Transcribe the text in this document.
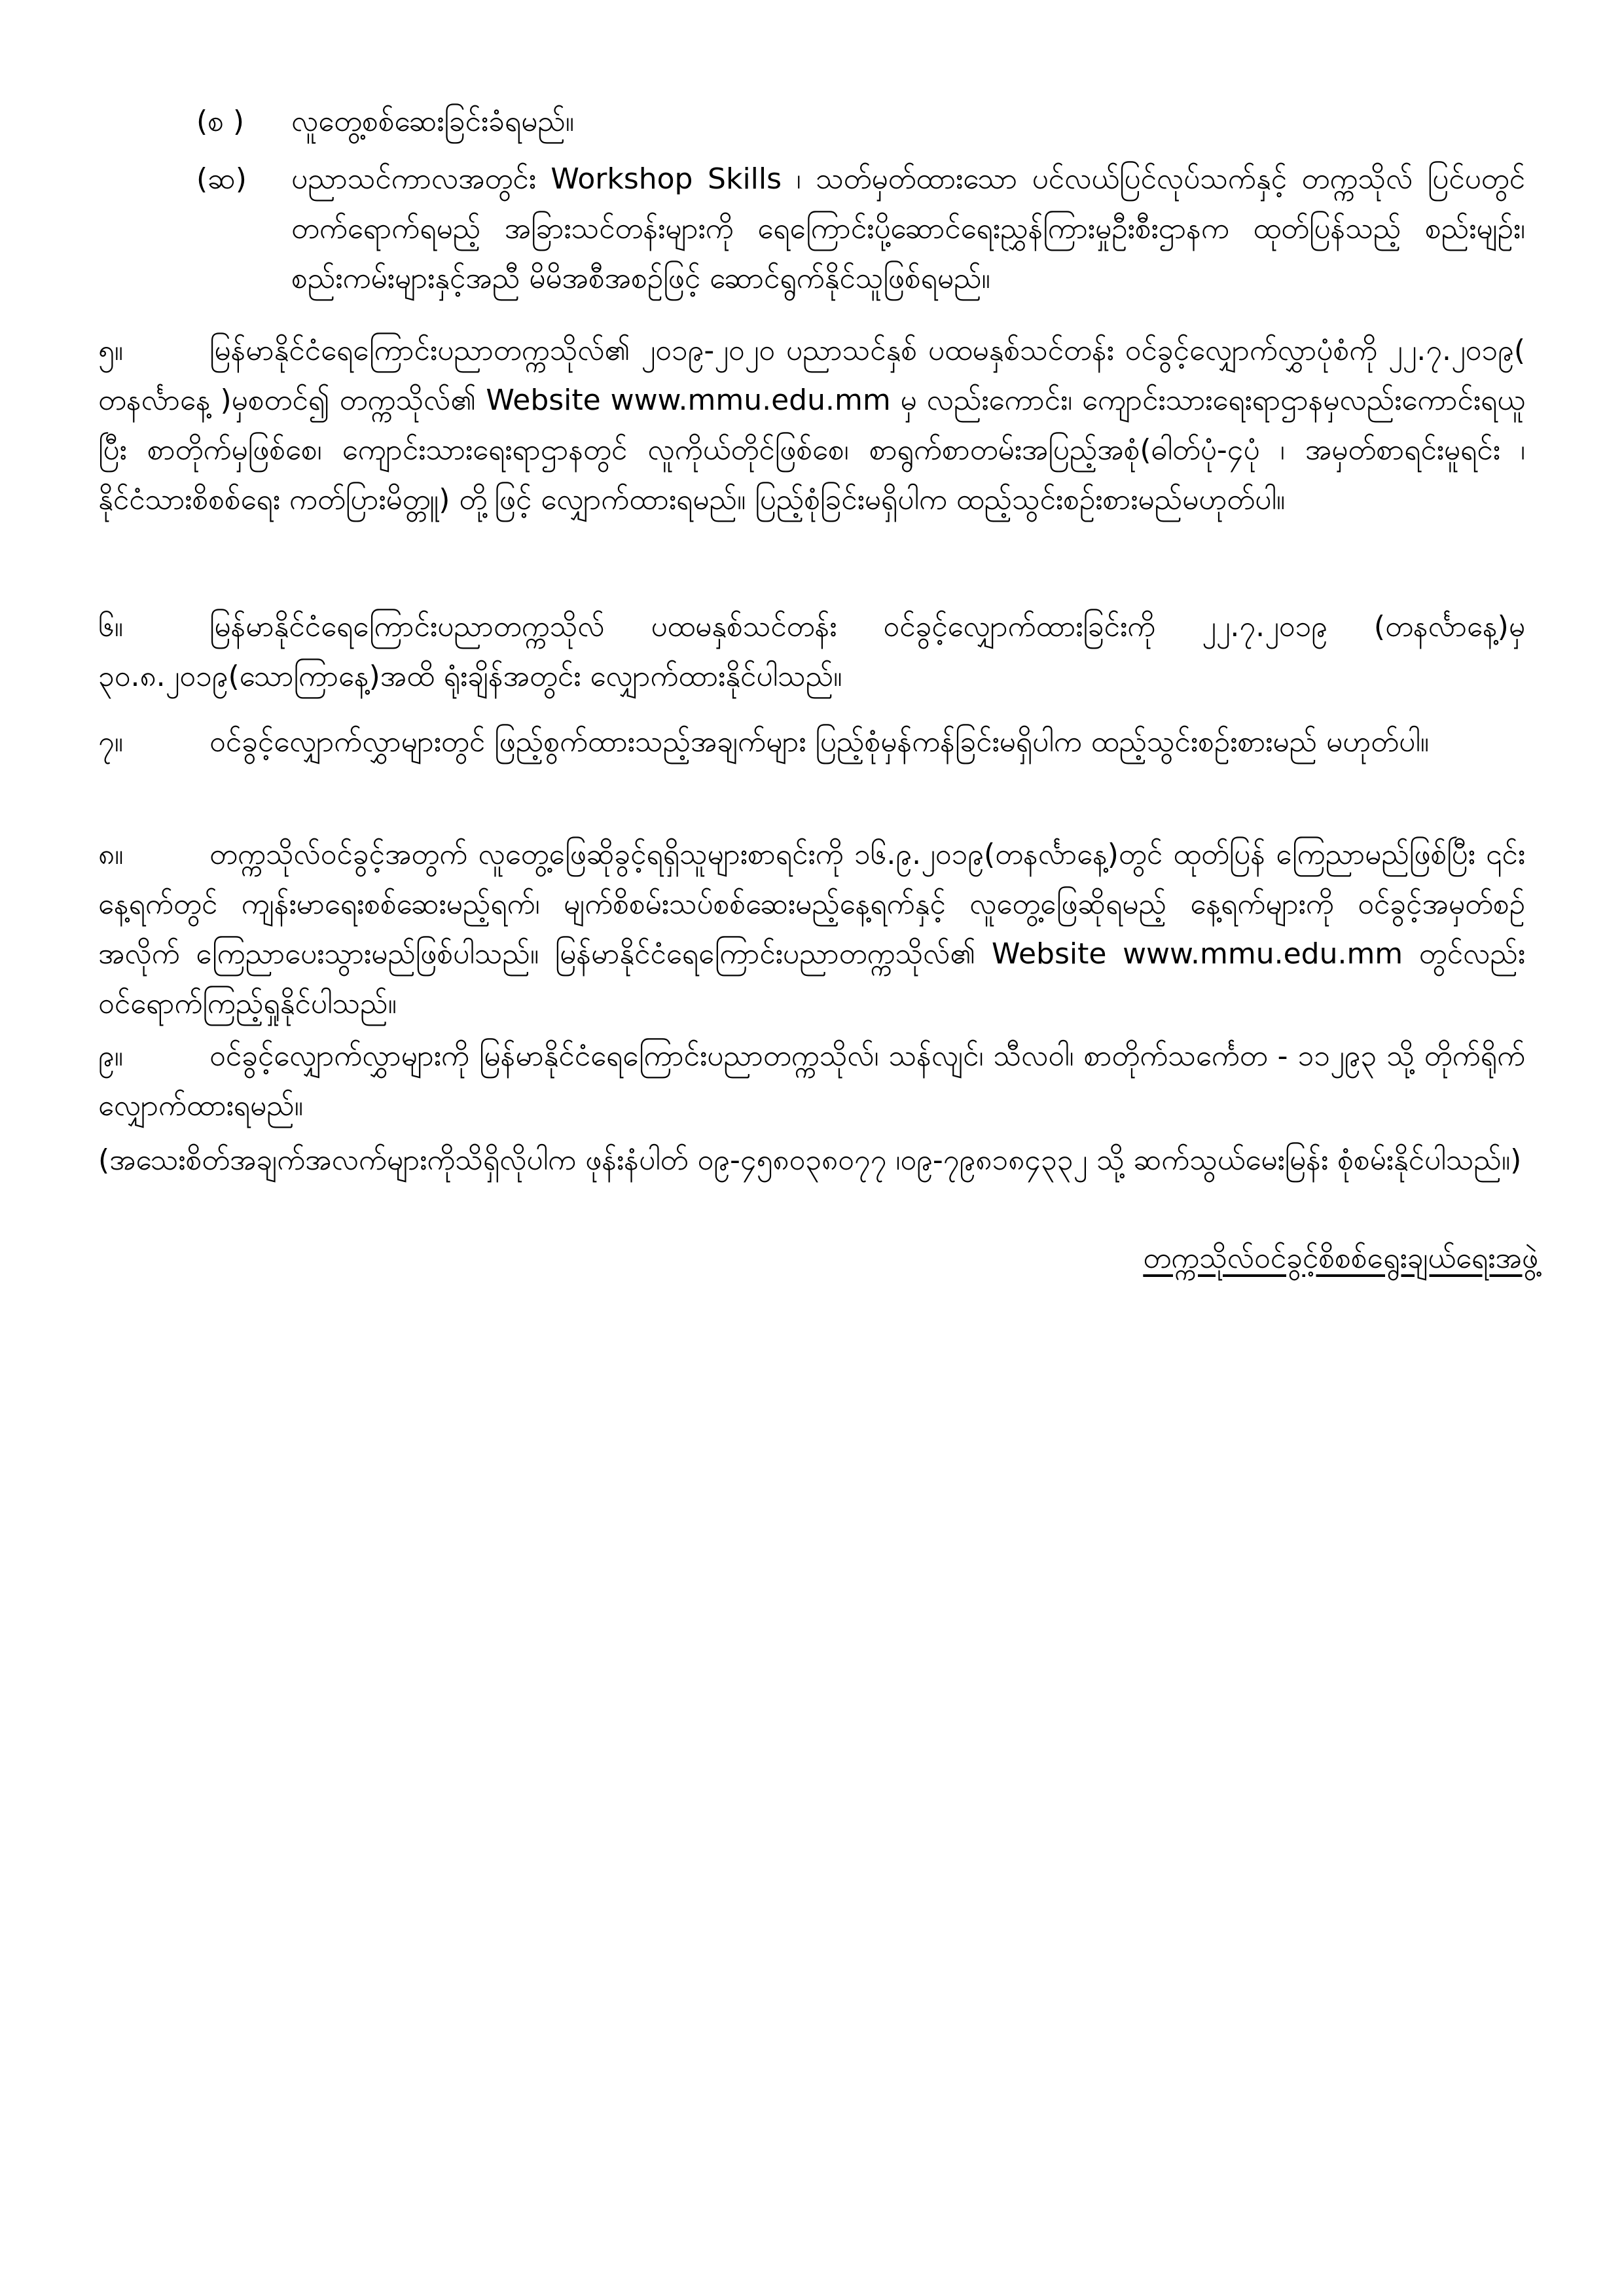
(စ )	လူတွေ့စစ်ဆေးခြင်းခံရမည်။
(ဆ)	ပညာသင်ကာလအတွင်း Workshop Skills ၊ သတ်မှတ်ထားသော ပင်လယ်ပြင်လုပ်သက်နှင့် တက္ကသိုလ် ပြင်ပတွင် တက်ရောက်ရမည့် အခြားသင်တန်းများကို ရေကြောင်းပို့ဆောင်ရေးညွှန်ကြားမှုဦးစီးဌာနက ထုတ်ပြန်သည့် စည်းမျဥ်း၊စည်းကမ်းများနှင့်အညီ မိမိအစီအစဥ်ဖြင့် ဆောင်ရွက်နိုင်သူဖြစ်ရမည်။
၅။	မြန်မာနိုင်ငံရေကြောင်းပညာတက္ကသိုလ်၏ ၂၀၁၉-၂၀၂၀ ပညာသင်နှစ် ပထမနှစ်သင်တန်း ဝင်ခွင့်လျှောက်လွှာပုံစံကို ၂၂.၇.၂၀၁၉( တနင်္လာနေ့ )မှစတင်၍ တက္ကသိုလ်၏ Website www.mmu.edu.mm မှ လည်းကောင်း၊ ကျောင်းသားရေးရာဌာနမှလည်းကောင်းရယူပြီး စာတိုက်မှဖြစ်စေ၊ ကျောင်းသားရေးရာဌာနတွင် လူကိုယ်တိုင်ဖြစ်စေ၊ စာရွက်စာတမ်းအပြည့်အစုံ(ဓါတ်ပုံ-၄ပုံ ၊ အမှတ်စာရင်းမူရင်း ၊ နိုင်ငံသားစိစစ်ရေး ကတ်ပြားမိတ္တူ) တို့ဖြင့် လျှောက်ထားရမည်။ ပြည့်စုံခြင်းမရှိပါက ထည့်သွင်းစဥ်းစားမည်မဟုတ်ပါ။
၆။	မြန်မာနိုင်ငံရေကြောင်းပညာတက္ကသိုလ် ပထမနှစ်သင်တန်း ဝင်ခွင့်လျှောက်ထားခြင်းကို ၂၂.၇.၂၀၁၉ (တနင်္လာနေ့)မှ ၃၀.၈.၂၀၁၉(သောကြာနေ့)အထိ ရုံးချိန်အတွင်း လျှောက်ထားနိုင်ပါသည်။
၇။	ဝင်ခွင့်လျှောက်လွှာများတွင် ဖြည့်စွက်ထားသည့်အချက်များ ပြည့်စုံမှန်ကန်ခြင်းမရှိပါက ထည့်သွင်းစဥ်းစားမည် မဟုတ်ပါ။
၈။	တက္ကသိုလ်ဝင်ခွင့်အတွက် လူတွေ့ဖြေဆိုခွင့်ရရှိသူများစာရင်းကို ၁၆.၉.၂၀၁၉(တနင်္လာနေ့)တွင် ထုတ်ပြန် ကြေညာမည်ဖြစ်ပြီး ၎င်းနေ့ရက်တွင် ကျန်းမာရေးစစ်ဆေးမည့်ရက်၊ မျက်စိစမ်းသပ်စစ်ဆေးမည့်နေ့ရက်နှင့် လူတွေ့ဖြေဆိုရမည့် နေ့ရက်များကို ဝင်ခွင့်အမှတ်စဥ်အလိုက် ကြေညာပေးသွားမည်ဖြစ်ပါသည်။ မြန်မာနိုင်ငံရေကြောင်းပညာတက္ကသိုလ်၏ Website www.mmu.edu.mm တွင်လည်း ဝင်ရောက်ကြည့်ရှုနိုင်ပါသည်။
၉။	ဝင်ခွင့်လျှောက်လွှာများကို မြန်မာနိုင်ငံရေကြောင်းပညာတက္ကသိုလ်၊ သန်လျင်၊ သီလဝါ၊ စာတိုက်သင်္ကေတ - ၁၁၂၉၃ သို့ တိုက်ရိုက်လျှောက်ထားရမည်။
(အသေးစိတ်အချက်အလက်များကိုသိရှိလိုပါက ဖုန်းနံပါတ် ၀၉-၄၅၈၀၃၈၀၇၇ ၊၀၉-၇၉၈၁၈၄၃၃၂ သို့ ဆက်သွယ်မေးမြန်း စုံစမ်းနိုင်ပါသည်။)
တက္ကသိုလ်ဝင်ခွင့်စိစစ်ရွေးချယ်ရေးအဖွဲ့
